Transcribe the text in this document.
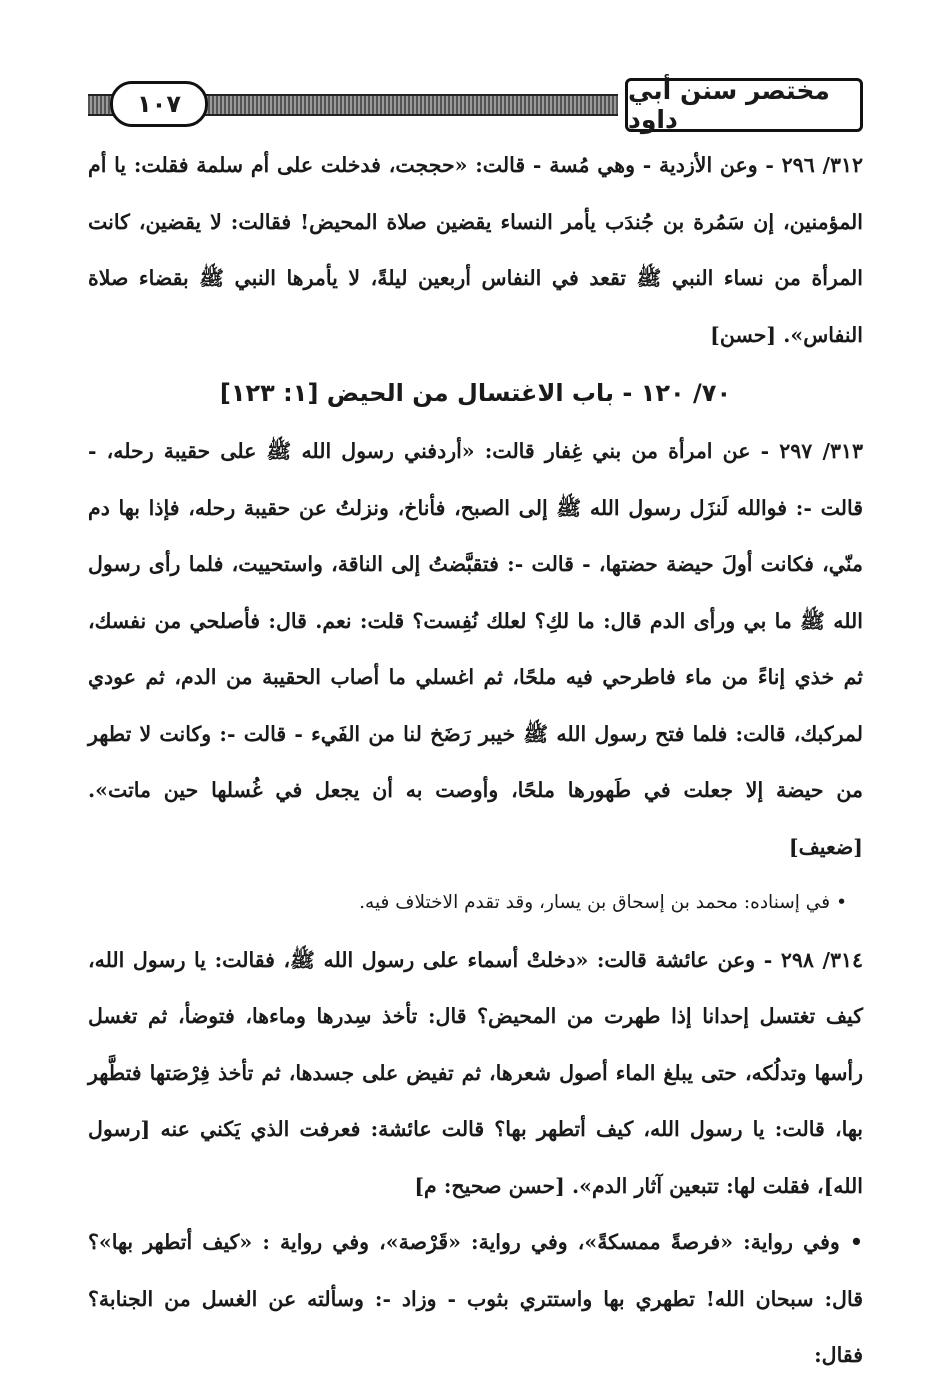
١٠٧	مختصر سنن أبي داود

٣١٢/ ٢٩٦ - وعن الأزدية - وهي مُسة - قالت: «حججت، فدخلت على أم سلمة فقلت: يا أم المؤمنين، إن سَمُرة بن جُندَب يأمر النساء يقضين صلاة المحيض! فقالت: لا يقضين، كانت المرأة من نساء النبي ﷺ تقعد في النفاس أربعين ليلةً، لا يأمرها النبي ﷺ بقضاء صلاة النفاس». [حسن]

٧٠/ ١٢٠ - باب الاغتسال من الحيض [١: ١٢٣]

٣١٣/ ٢٩٧ - عن امرأة من بني غِفار قالت: «أردفني رسول الله ﷺ على حقيبة رحله، - قالت -: فوالله لَنزَل رسول الله ﷺ إلى الصبح، فأناخ، ونزلتُ عن حقيبة رحله، فإذا بها دم منّي، فكانت أولَ حيضة حضتها، - قالت -: فتقبَّضتُ إلى الناقة، واستحييت، فلما رأى رسول الله ﷺ ما بي ورأى الدم قال: ما لكِ؟ لعلك نُفِست؟ قلت: نعم. قال: فأصلحي من نفسك، ثم خذي إناءً من ماء فاطرحي فيه ملحًا، ثم اغسلي ما أصاب الحقيبة من الدم، ثم عودي لمركبك، قالت: فلما فتح رسول الله ﷺ خيبر رَضَخ لنا من الفَيء - قالت -: وكانت لا تطهر من حيضة إلا جعلت في طَهورها ملحًا، وأوصت به أن يجعل في غُسلها حين ماتت». [ضعيف]

•في إسناده: محمد بن إسحاق بن يسار، وقد تقدم الاختلاف فيه.

٣١٤/ ٢٩٨ - وعن عائشة قالت: «دخلتْ أسماء على رسول الله ﷺ، فقالت: يا رسول الله، كيف تغتسل إحدانا إذا طهرت من المحيض؟ قال: تأخذ سِدرها وماءها، فتوضأ، ثم تغسل رأسها وتدلُكه، حتى يبلغ الماء أصول شعرها، ثم تفيض على جسدها، ثم تأخذ فِرْصَتها فتطَّهر بها، قالت: يا رسول الله، كيف أتطهر بها؟ قالت عائشة: فعرفت الذي يَكني عنه [رسول الله]، فقلت لها: تتبعين آثار الدم». [حسن صحيح: م]

• وفي رواية: «فرصةً ممسكةً»، وفي رواية: «قَرْصة»، وفي رواية : «كيف أتطهر بها»؟ قال: سبحان الله! تطهري بها واستتري بثوب - وزاد -: وسألته عن الغسل من الجنابة؟ فقال:
